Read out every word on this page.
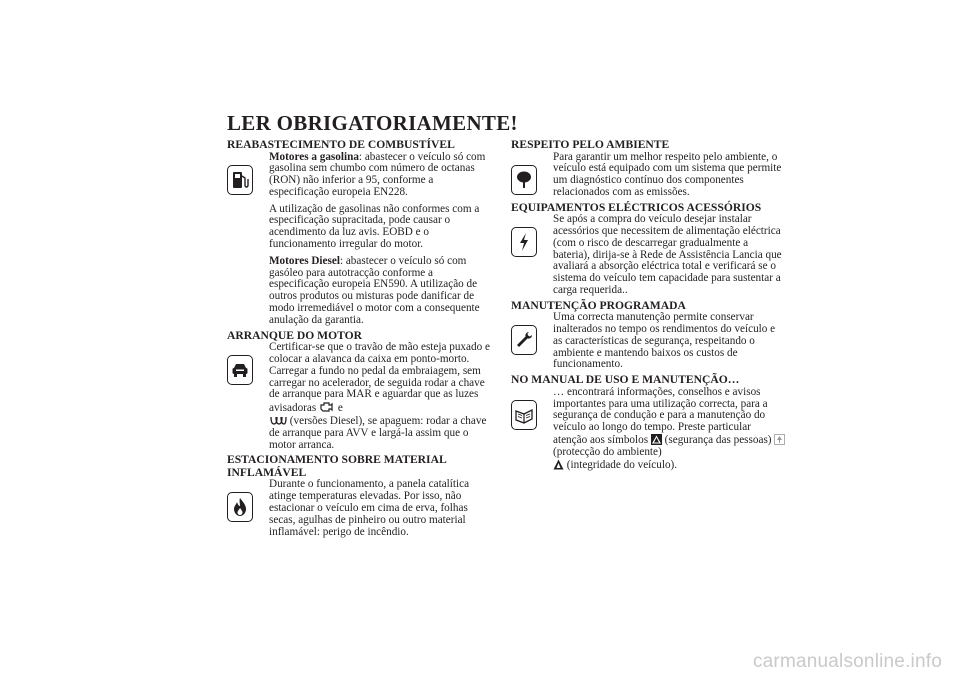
LER OBRIGATORIAMENTE!
REABASTECIMENTO DE COMBUSTÍVEL

Motores a gasolina: abastecer o veículo só com gasolina sem chumbo com número de octanas (RON) não inferior a 95, conforme a especificação europeia EN228.

A utilização de gasolinas não conformes com a especificação supracitada, pode causar o acendimento da luz avis. EOBD e o funcionamento irregular do motor.

Motores Diesel: abastecer o veículo só com gasóleo para autotracção conforme a especificação europeia EN590. A utilização de outros produtos ou misturas pode danificar de modo irremediável o motor com a consequente anulação da garantia.

ARRANQUE DO MOTOR

Certificar-se que o travão de mão esteja puxado e colocar a alavanca da caixa em ponto-morto. Carregar a fundo no pedal da embraiagem, sem carregar no acelerador, de seguida rodar a chave de arranque para MAR e aguardar que as luzes avisadoras e
(versões Diesel), se apaguem: rodar a chave de arranque para AVV e largá-la assim que o motor arranca.

ESTACIONAMENTO SOBRE MATERIAL INFLAMÁVEL

Durante o funcionamento, a panela catalítica atinge temperaturas elevadas. Por isso, não estacionar o veículo em cima de erva, folhas secas, agulhas de pinheiro ou outro material inflamável: perigo de incêndio.

RESPEITO PELO AMBIENTE

Para garantir um melhor respeito pelo ambiente, o veículo está equipado com um sistema que permite um diagnóstico contínuo dos componentes relacionados com as emissões.

EQUIPAMENTOS ELÉCTRICOS ACESSÓRIOS

Se após a compra do veículo desejar instalar acessórios que necessitem de alimentação eléctrica (com o risco de descarregar gradualmente a bateria), dirija-se à Rede de Assistência Lancia que avaliará a absorção eléctrica total e verificará se o sistema do veículo tem capacidade para sustentar a carga requerida..

MANUTENÇÃO PROGRAMADA

Uma correcta manutenção permite conservar inalterados no tempo os rendimentos do veículo e as características de segurança, respeitando o ambiente e mantendo baixos os custos de funcionamento.

NO MANUAL DE USO E MANUTENÇÃO…

… encontrará informações, conselhos e avisos importantes para uma utilização correcta, para a segurança de condução e para a manutenção do veículo ao longo do tempo. Preste particular atenção aos símbolos (segurança das pessoas)  (protecção do ambiente)
(integridade do veículo).

carmanualsonline.info
